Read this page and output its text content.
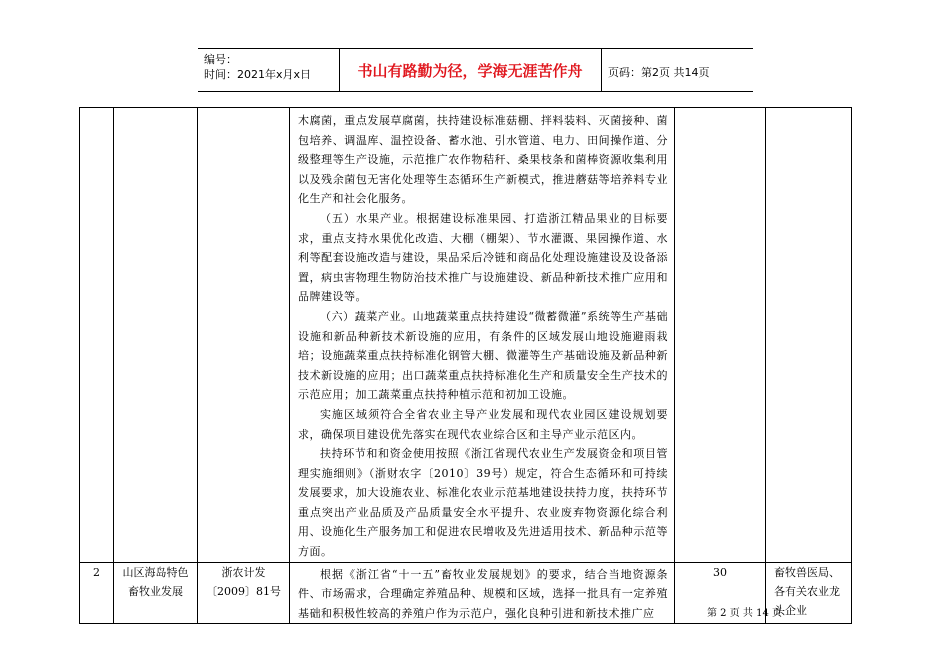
编号：
时间：2021年x月x日	书山有路勤为径，学海无涯苦作舟	页码：第2页 共14页

			木腐菌，重点发展草腐菌，扶持建设标准菇棚、拌料装料、灭菌接种、菌包培养、调温库、温控设备、蓄水池、引水管道、电力、田间操作道、分级整理等生产设施，示范推广农作物秸秆、桑果枝条和菌棒资源收集利用以及残余菌包无害化处理等生态循环生产新模式，推进蘑菇等培养料专业化生产和社会化服务。

（五）水果产业。根据建设标准果园、打造浙江精品果业的目标要求，重点支持水果优化改造、大棚（棚架）、节水灌溉、果园操作道、水利等配套设施改造与建设，果品采后冷链和商品化处理设施建设及设备添置，病虫害物理生物防治技术推广与设施建设、新品种新技术推广应用和品牌建设等。

（六）蔬菜产业。山地蔬菜重点扶持建设“微蓄微灌”系统等生产基础设施和新品种新技术新设施的应用，有条件的区域发展山地设施避雨栽培；设施蔬菜重点扶持标准化钢管大棚、微灌等生产基础设施及新品种新技术新设施的应用；出口蔬菜重点扶持标准化生产和质量安全生产技术的示范应用；加工蔬菜重点扶持种植示范和初加工设施。

实施区域须符合全省农业主导产业发展和现代农业园区建设规划要求，确保项目建设优先落实在现代农业综合区和主导产业示范区内。

扶持环节和和资金使用按照《浙江省现代农业生产发展资金和项目管理实施细则》（浙财农字〔2010〕39号）规定，符合生态循环和可持续发展要求，加大设施农业、标准化农业示范基地建设扶持力度，扶持环节重点突出产业品质及产品质量安全水平提升、农业废弃物资源化综合利用、设施化生产服务加工和促进农民增收及先进适用技术、新品种示范等方面。		

2	山区海岛特色畜牧业发展	浙农计发〔2009〕81号	根据《浙江省“十一五”畜牧业发展规划》的要求，结合当地资源条件、市场需求，合理确定养殖品种、规模和区域，选择一批具有一定养殖基础和积极性较高的养殖户作为示范户，强化良种引进和新技术推广应	30	畜牧兽医局、各有关农业龙头企业
第 2 页 共 14 页
